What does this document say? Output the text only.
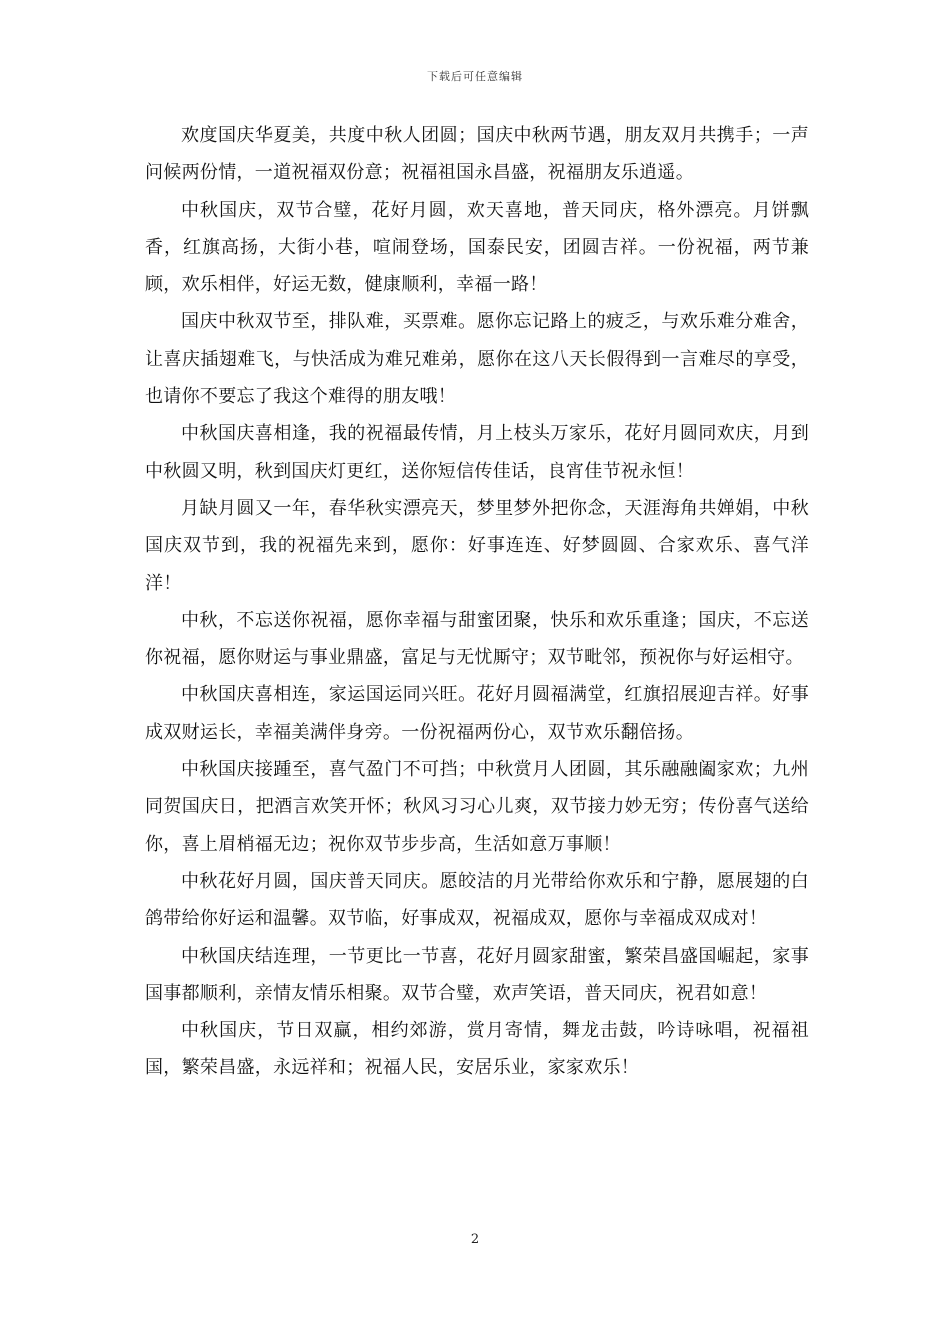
下载后可任意编辑

欢度国庆华夏美，共度中秋人团圆；国庆中秋两节遇，朋友双月共携手；一声问候两份情，一道祝福双份意；祝福祖国永昌盛，祝福朋友乐逍遥。

中秋国庆，双节合璧，花好月圆，欢天喜地，普天同庆，格外漂亮。月饼飘香，红旗高扬，大街小巷，喧闹登场，国泰民安，团圆吉祥。一份祝福，两节兼顾，欢乐相伴，好运无数，健康顺利，幸福一路！

国庆中秋双节至，排队难，买票难。愿你忘记路上的疲乏，与欢乐难分难舍，让喜庆插翅难飞，与快活成为难兄难弟，愿你在这八天长假得到一言难尽的享受，也请你不要忘了我这个难得的朋友哦！

中秋国庆喜相逢，我的祝福最传情，月上枝头万家乐，花好月圆同欢庆，月到中秋圆又明，秋到国庆灯更红，送你短信传佳话，良宵佳节祝永恒！

月缺月圆又一年，春华秋实漂亮天，梦里梦外把你念，天涯海角共婵娟，中秋国庆双节到，我的祝福先来到，愿你：好事连连、好梦圆圆、合家欢乐、喜气洋洋！

中秋，不忘送你祝福，愿你幸福与甜蜜团聚，快乐和欢乐重逢；国庆，不忘送你祝福，愿你财运与事业鼎盛，富足与无忧厮守；双节毗邻，预祝你与好运相守。

中秋国庆喜相连，家运国运同兴旺。花好月圆福满堂，红旗招展迎吉祥。好事成双财运长，幸福美满伴身旁。一份祝福两份心，双节欢乐翻倍扬。

中秋国庆接踵至，喜气盈门不可挡；中秋赏月人团圆，其乐融融阖家欢；九州同贺国庆日，把酒言欢笑开怀；秋风习习心儿爽，双节接力妙无穷；传份喜气送给你，喜上眉梢福无边；祝你双节步步高，生活如意万事顺！

中秋花好月圆，国庆普天同庆。愿皎洁的月光带给你欢乐和宁静，愿展翅的白鸽带给你好运和温馨。双节临，好事成双，祝福成双，愿你与幸福成双成对！

中秋国庆结连理，一节更比一节喜，花好月圆家甜蜜，繁荣昌盛国崛起，家事国事都顺利，亲情友情乐相聚。双节合璧，欢声笑语，普天同庆，祝君如意！

中秋国庆，节日双赢，相约郊游，赏月寄情，舞龙击鼓，吟诗咏唱，祝福祖国，繁荣昌盛，永远祥和；祝福人民，安居乐业，家家欢乐！

2
